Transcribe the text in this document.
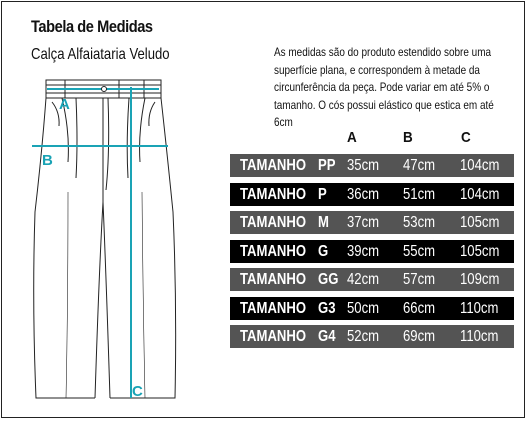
Tabela de Medidas
Calça Alfaiataria Veludo
A
B
C
As medidas são do produto estendido sobre uma
superfície plana, e correspondem à metade da
circunferência da peça. Pode variar em até 5% o
tamanho. O cós possui elástico que estica em até
6cm
A	B	C
TAMANHO PP 35cm 47cm 104cm
TAMANHO P 36cm 51cm 104cm
TAMANHO M 37cm 53cm 105cm
TAMANHO G 39cm 55cm 105cm
TAMANHO GG 42cm 57cm 109cm
TAMANHO G3 50cm 66cm 110cm
TAMANHO G4 52cm 69cm 110cm
